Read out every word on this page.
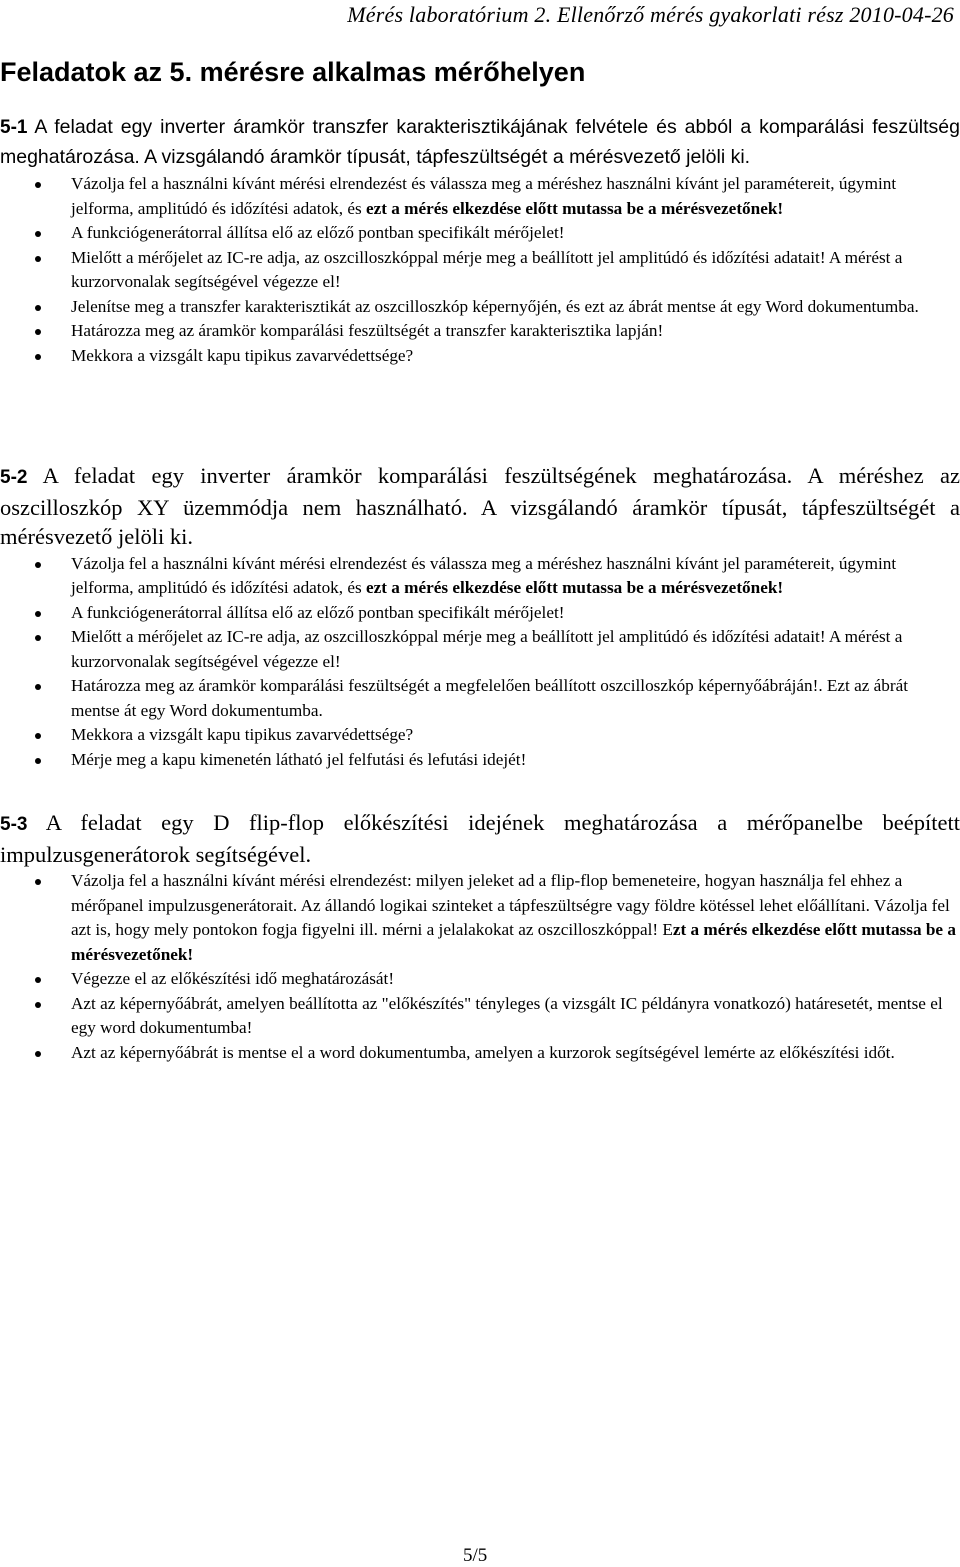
Mérés laboratórium 2. Ellenőrző mérés gyakorlati rész 2010-04-26
Feladatok az 5. mérésre alkalmas mérőhelyen

5-1 A feladat egy inverter áramkör transzfer karakterisztikájának felvétele és abból a komparálási feszültség meghatározása. A vizsgálandó áramkör típusát, tápfeszültségét a mérésvezető jelöli ki.

Vázolja fel a használni kívánt mérési elrendezést és válassza meg a méréshez használni kívánt jel paramétereit, úgymint jelforma, amplitúdó és időzítési adatok, és ezt a mérés elkezdése előtt mutassa be a mérésvezetőnek!
A funkciógenerátorral állítsa elő az előző pontban specifikált mérőjelet!
Mielőtt a mérőjelet az IC-re adja, az oszcilloszkóppal mérje meg a beállított jel amplitúdó és időzítési adatait! A mérést a kurzorvonalak segítségével végezze el!
Jelenítse meg a transzfer karakterisztikát az oszcilloszkóp képernyőjén, és ezt az ábrát mentse át egy Word dokumentumba.
Határozza meg az áramkör komparálási feszültségét a transzfer karakterisztika lapján!
Mekkora a vizsgált kapu tipikus zavarvédettsége?

5-2 A feladat egy inverter áramkör komparálási feszültségének meghatározása. A méréshez az oszcilloszkóp XY üzemmódja nem használható. A vizsgálandó áramkör típusát, tápfeszültségét a mérésvezető jelöli ki.

Vázolja fel a használni kívánt mérési elrendezést és válassza meg a méréshez használni kívánt jel paramétereit, úgymint jelforma, amplitúdó és időzítési adatok, és ezt a mérés elkezdése előtt mutassa be a mérésvezetőnek!
A funkciógenerátorral állítsa elő az előző pontban specifikált mérőjelet!
Mielőtt a mérőjelet az IC-re adja, az oszcilloszkóppal mérje meg a beállított jel amplitúdó és időzítési adatait! A mérést a kurzorvonalak segítségével végezze el!
Határozza meg az áramkör komparálási feszültségét a megfelelően beállított oszcilloszkóp képernyőábráján!. Ezt az ábrát mentse át egy Word dokumentumba.
Mekkora a vizsgált kapu tipikus zavarvédettsége?
Mérje meg a kapu kimenetén látható jel felfutási és lefutási idejét!

5-3 A feladat egy D flip-flop előkészítési idejének meghatározása a mérőpanelbe beépített impulzusgenerátorok segítségével.

Vázolja fel a használni kívánt mérési elrendezést: milyen jeleket ad a flip-flop bemeneteire, hogyan használja fel ehhez a mérőpanel impulzusgenerátorait. Az állandó logikai szinteket a tápfeszültségre vagy földre kötéssel lehet előállítani. Vázolja fel azt is, hogy mely pontokon fogja figyelni ill. mérni a jelalakokat az oszcilloszkóppal! Ezt a mérés elkezdése előtt mutassa be a mérésvezetőnek!
Végezze el az előkészítési idő meghatározását!
Azt az képernyőábrát, amelyen beállította az "előkészítés" tényleges (a vizsgált IC példányra vonatkozó) határesetét, mentse el egy word dokumentumba!
Azt az képernyőábrát is mentse el a word dokumentumba, amelyen a kurzorok segítségével lemérte az előkészítési időt.
5/5
